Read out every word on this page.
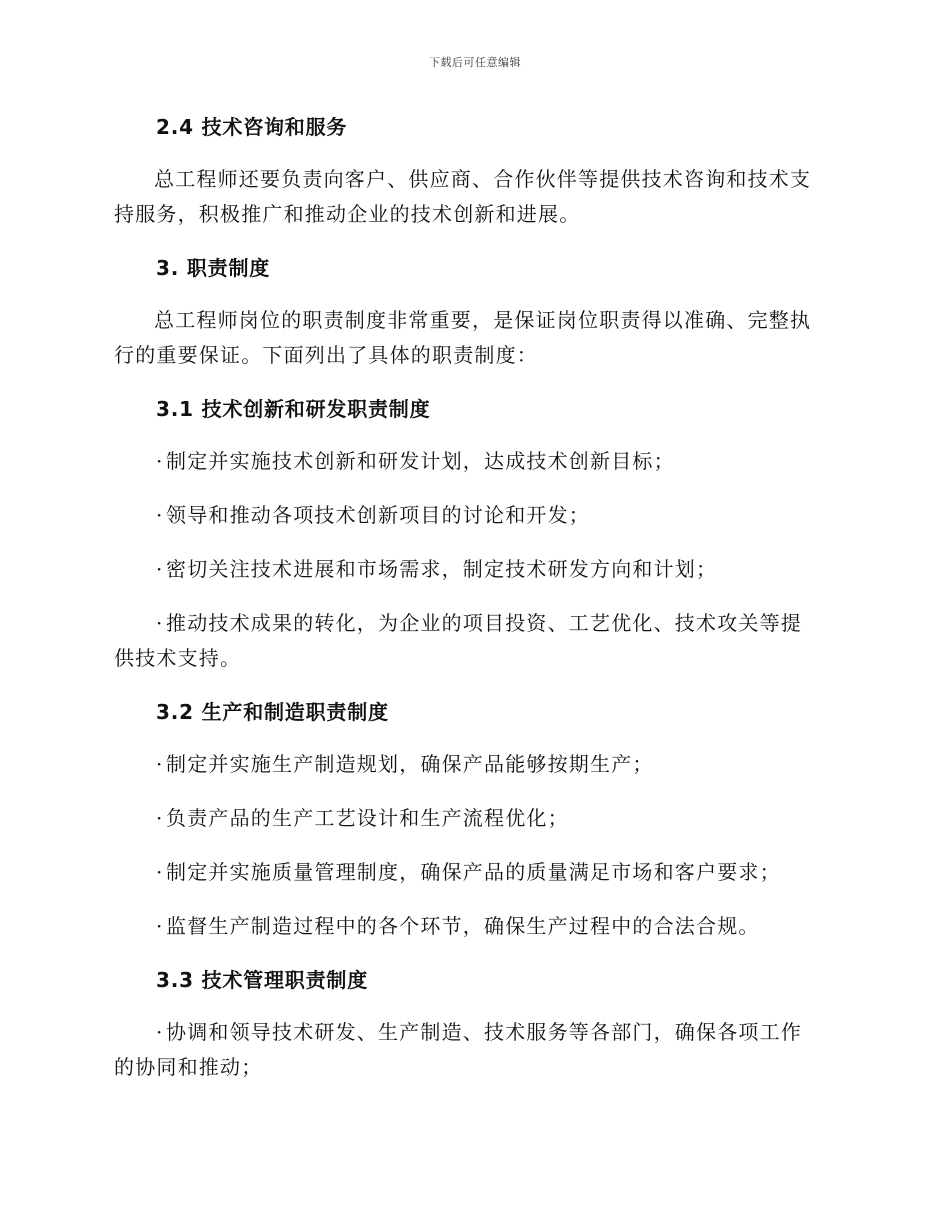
下载后可任意编辑
2.4 技术咨询和服务
总工程师还要负责向客户、供应商、合作伙伴等提供技术咨询和技术支
持服务，积极推广和推动企业的技术创新和进展。
3. 职责制度
总工程师岗位的职责制度非常重要，是保证岗位职责得以准确、完整执
行的重要保证。下面列出了具体的职责制度：
3.1 技术创新和研发职责制度
· 制定并实施技术创新和研发计划，达成技术创新目标；
· 领导和推动各项技术创新项目的讨论和开发；
· 密切关注技术进展和市场需求，制定技术研发方向和计划；
· 推动技术成果的转化，为企业的项目投资、工艺优化、技术攻关等提
供技术支持。
3.2 生产和制造职责制度
· 制定并实施生产制造规划，确保产品能够按期生产；
· 负责产品的生产工艺设计和生产流程优化；
· 制定并实施质量管理制度，确保产品的质量满足市场和客户要求；
· 监督生产制造过程中的各个环节，确保生产过程中的合法合规。
3.3 技术管理职责制度
· 协调和领导技术研发、生产制造、技术服务等各部门，确保各项工作
的协同和推动；
